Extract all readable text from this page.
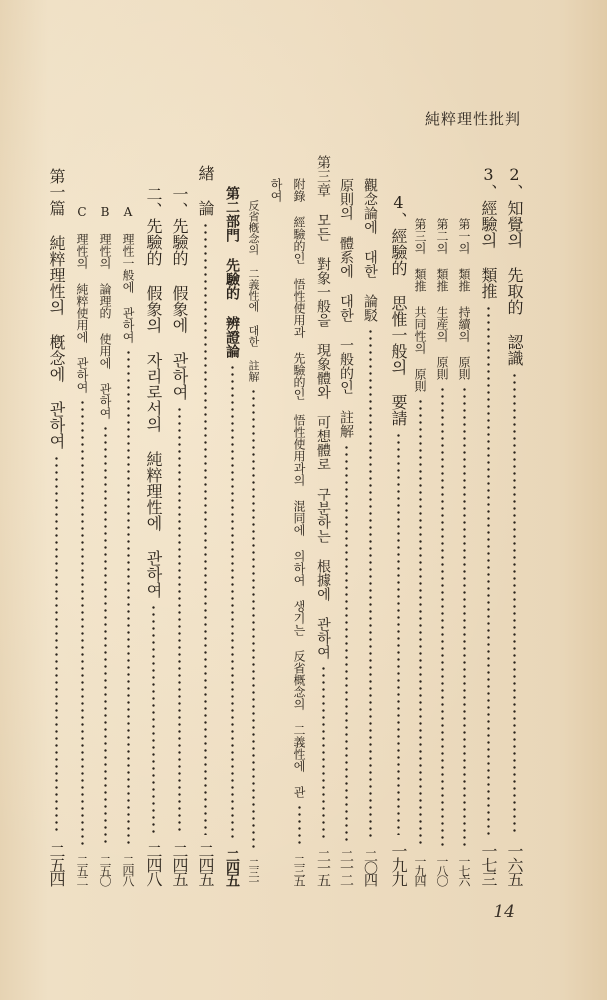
純粹理性批判
2、知覺의 先取的 認識
一六五
3、經驗의 類推
一七三
第一의 類推 持續의 原則
一七六
第二의 類推 生産의 原則
一八〇
第三의 類推 共同性의 原則
一九四
4、經驗的 思惟一般의 要請
一九九
觀念論에 대한 論駁
二〇四
原則의 體系에 대한 一般的인 註解
二一二
第三章 모든 對象一般을 現象體와 可想體로 구분하는 根據에 관하여
二一五
附錄 經驗的인 悟性使用과 先驗的인 悟性使用과의 混同에 의하여 생기는 反省概念의 二義性에 관
二三五
하여
反省槪念의 二義性에 대한 註解
二三一
第二部門 先驗的 辨證論
二四五
緖 論
二四五
一、先驗的 假象에 관하여
二四五
二、先驗的 假象의 자리로서의 純粹理性에 관하여
二四八
A 理性一般에 관하여
二四八
B 理性의 論理的 使用에 관하여
二五〇
C 理性의 純粹使用에 관하여
二五二
第一篇 純粹理性의 槪念에 관하여
二五四
14
